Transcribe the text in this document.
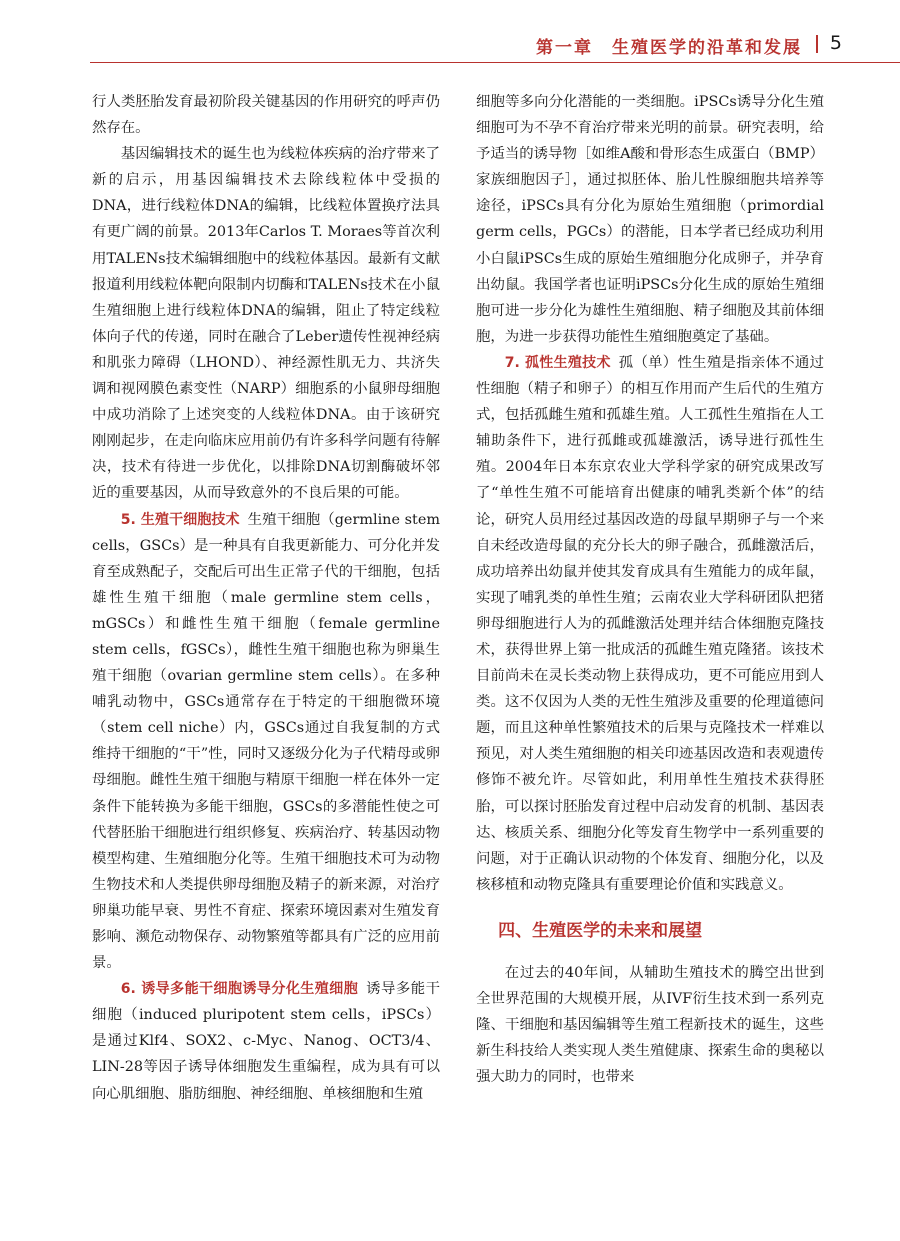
第一章　生殖医学的沿革和发展 5

行人类胚胎发育最初阶段关键基因的作用研究的呼声仍然存在。

基因编辑技术的诞生也为线粒体疾病的治疗带来了新的启示，用基因编辑技术去除线粒体中受损的DNA，进行线粒体DNA的编辑，比线粒体置换疗法具有更广阔的前景。2013年Carlos T. Moraes等首次利用TALENs技术编辑细胞中的线粒体基因。最新有文献报道利用线粒体靶向限制内切酶和TALENs技术在小鼠生殖细胞上进行线粒体DNA的编辑，阻止了特定线粒体向子代的传递，同时在融合了Leber遗传性视神经病和肌张力障碍（LHOND）、神经源性肌无力、共济失调和视网膜色素变性（NARP）细胞系的小鼠卵母细胞中成功消除了上述突变的人线粒体DNA。由于该研究刚刚起步，在走向临床应用前仍有许多科学问题有待解决，技术有待进一步优化，以排除DNA切割酶破坏邻近的重要基因，从而导致意外的不良后果的可能。

5. 生殖干细胞技术 生殖干细胞（germline stem cells，GSCs）是一种具有自我更新能力、可分化并发育至成熟配子，交配后可出生正常子代的干细胞，包括雄性生殖干细胞（male germline stem cells，mGSCs）和雌性生殖干细胞（female germline stem cells，fGSCs），雌性生殖干细胞也称为卵巢生殖干细胞（ovarian germline stem cells）。在多种哺乳动物中，GSCs通常存在于特定的干细胞微环境（stem cell niche）内，GSCs通过自我复制的方式维持干细胞的“干”性，同时又逐级分化为子代精母或卵母细胞。雌性生殖干细胞与精原干细胞一样在体外一定条件下能转换为多能干细胞，GSCs的多潜能性使之可代替胚胎干细胞进行组织修复、疾病治疗、转基因动物模型构建、生殖细胞分化等。生殖干细胞技术可为动物生物技术和人类提供卵母细胞及精子的新来源，对治疗卵巢功能早衰、男性不育症、探索环境因素对生殖发育影响、濒危动物保存、动物繁殖等都具有广泛的应用前景。

6. 诱导多能干细胞诱导分化生殖细胞 诱导多能干细胞（induced pluripotent stem cells，iPSCs）是通过Klf4、SOX2、c-Myc、Nanog、OCT3/4、LIN-28等因子诱导体细胞发生重编程，成为具有可以向心肌细胞、脂肪细胞、神经细胞、单核细胞和生殖

细胞等多向分化潜能的一类细胞。iPSCs诱导分化生殖细胞可为不孕不育治疗带来光明的前景。研究表明，给予适当的诱导物［如维A酸和骨形态生成蛋白（BMP）家族细胞因子］，通过拟胚体、胎儿性腺细胞共培养等途径，iPSCs具有分化为原始生殖细胞（primordial germ cells，PGCs）的潜能，日本学者已经成功利用小白鼠iPSCs生成的原始生殖细胞分化成卵子，并孕育出幼鼠。我国学者也证明iPSCs分化生成的原始生殖细胞可进一步分化为雄性生殖细胞、精子细胞及其前体细胞，为进一步获得功能性生殖细胞奠定了基础。

7. 孤性生殖技术 孤（单）性生殖是指亲体不通过性细胞（精子和卵子）的相互作用而产生后代的生殖方式，包括孤雌生殖和孤雄生殖。人工孤性生殖指在人工辅助条件下，进行孤雌或孤雄激活，诱导进行孤性生殖。2004年日本东京农业大学科学家的研究成果改写了“单性生殖不可能培育出健康的哺乳类新个体”的结论，研究人员用经过基因改造的母鼠早期卵子与一个来自未经改造母鼠的充分长大的卵子融合，孤雌激活后，成功培养出幼鼠并使其发育成具有生殖能力的成年鼠，实现了哺乳类的单性生殖；云南农业大学科研团队把猪卵母细胞进行人为的孤雌激活处理并结合体细胞克隆技术，获得世界上第一批成活的孤雌生殖克隆猪。该技术目前尚未在灵长类动物上获得成功，更不可能应用到人类。这不仅因为人类的无性生殖涉及重要的伦理道德问题，而且这种单性繁殖技术的后果与克隆技术一样难以预见，对人类生殖细胞的相关印迹基因改造和表观遗传修饰不被允许。尽管如此，利用单性生殖技术获得胚胎，可以探讨胚胎发育过程中启动发育的机制、基因表达、核质关系、细胞分化等发育生物学中一系列重要的问题，对于正确认识动物的个体发育、细胞分化，以及核移植和动物克隆具有重要理论价值和实践意义。

四、生殖医学的未来和展望

在过去的40年间，从辅助生殖技术的腾空出世到全世界范围的大规模开展，从IVF衍生技术到一系列克隆、干细胞和基因编辑等生殖工程新技术的诞生，这些新生科技给人类实现人类生殖健康、探索生命的奥秘以强大助力的同时，也带来
